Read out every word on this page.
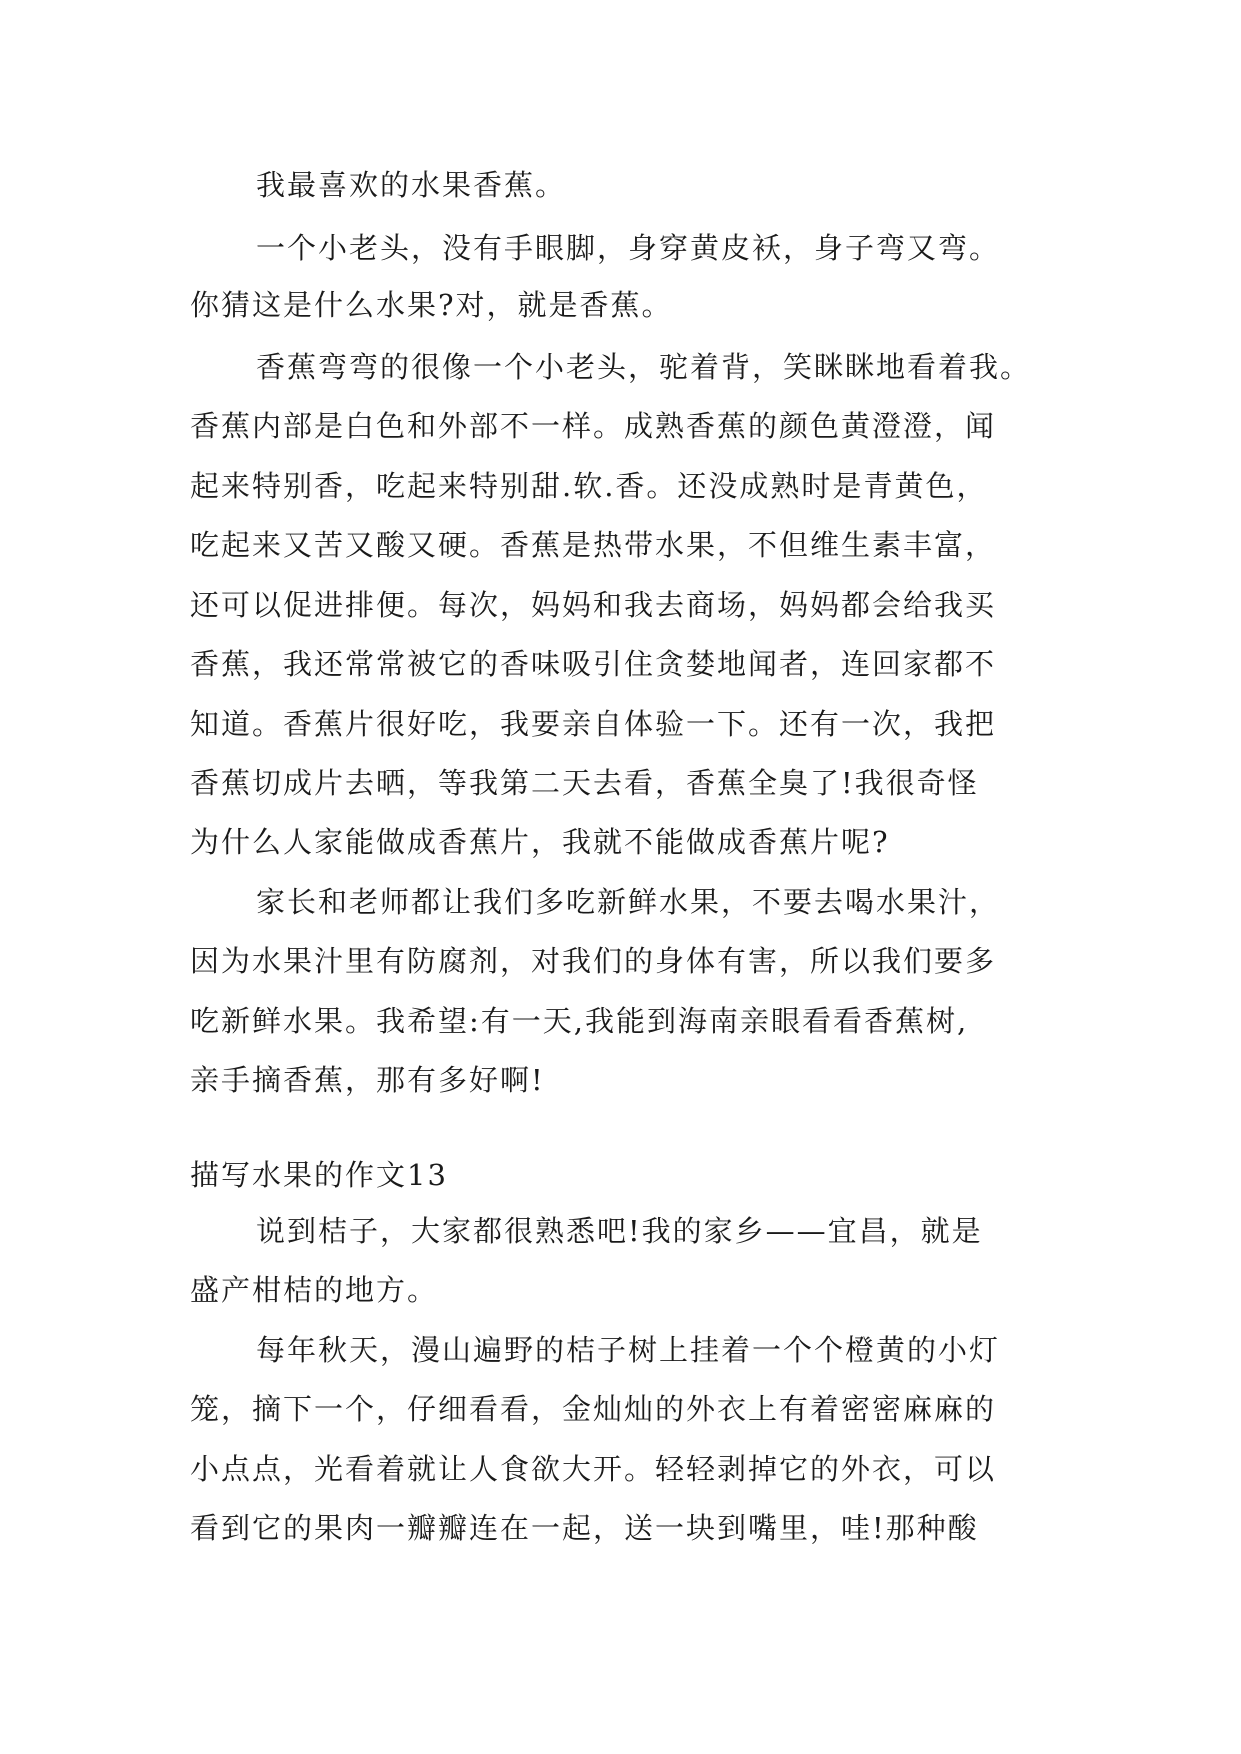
我最喜欢的水果香蕉。
一个小老头，没有手眼脚，身穿黄皮袄，身子弯又弯。
你猜这是什么水果?对，就是香蕉。
香蕉弯弯的很像一个小老头，驼着背，笑眯眯地看着我。
香蕉内部是白色和外部不一样。成熟香蕉的颜色黄澄澄，闻
起来特别香，吃起来特别甜.软.香。还没成熟时是青黄色，
吃起来又苦又酸又硬。香蕉是热带水果，不但维生素丰富，
还可以促进排便。每次，妈妈和我去商场，妈妈都会给我买
香蕉，我还常常被它的香味吸引住贪婪地闻者，连回家都不
知道。香蕉片很好吃，我要亲自体验一下。还有一次，我把
香蕉切成片去晒，等我第二天去看，香蕉全臭了!我很奇怪
为什么人家能做成香蕉片，我就不能做成香蕉片呢?
家长和老师都让我们多吃新鲜水果，不要去喝水果汁，
因为水果汁里有防腐剂，对我们的身体有害，所以我们要多
吃新鲜水果。我希望:有一天,我能到海南亲眼看看香蕉树,
亲手摘香蕉，那有多好啊!
描写水果的作文13
说到桔子，大家都很熟悉吧!我的家乡——宜昌，就是
盛产柑桔的地方。
每年秋天，漫山遍野的桔子树上挂着一个个橙黄的小灯
笼，摘下一个，仔细看看，金灿灿的外衣上有着密密麻麻的
小点点，光看着就让人食欲大开。轻轻剥掉它的外衣，可以
看到它的果肉一瓣瓣连在一起，送一块到嘴里，哇!那种酸
